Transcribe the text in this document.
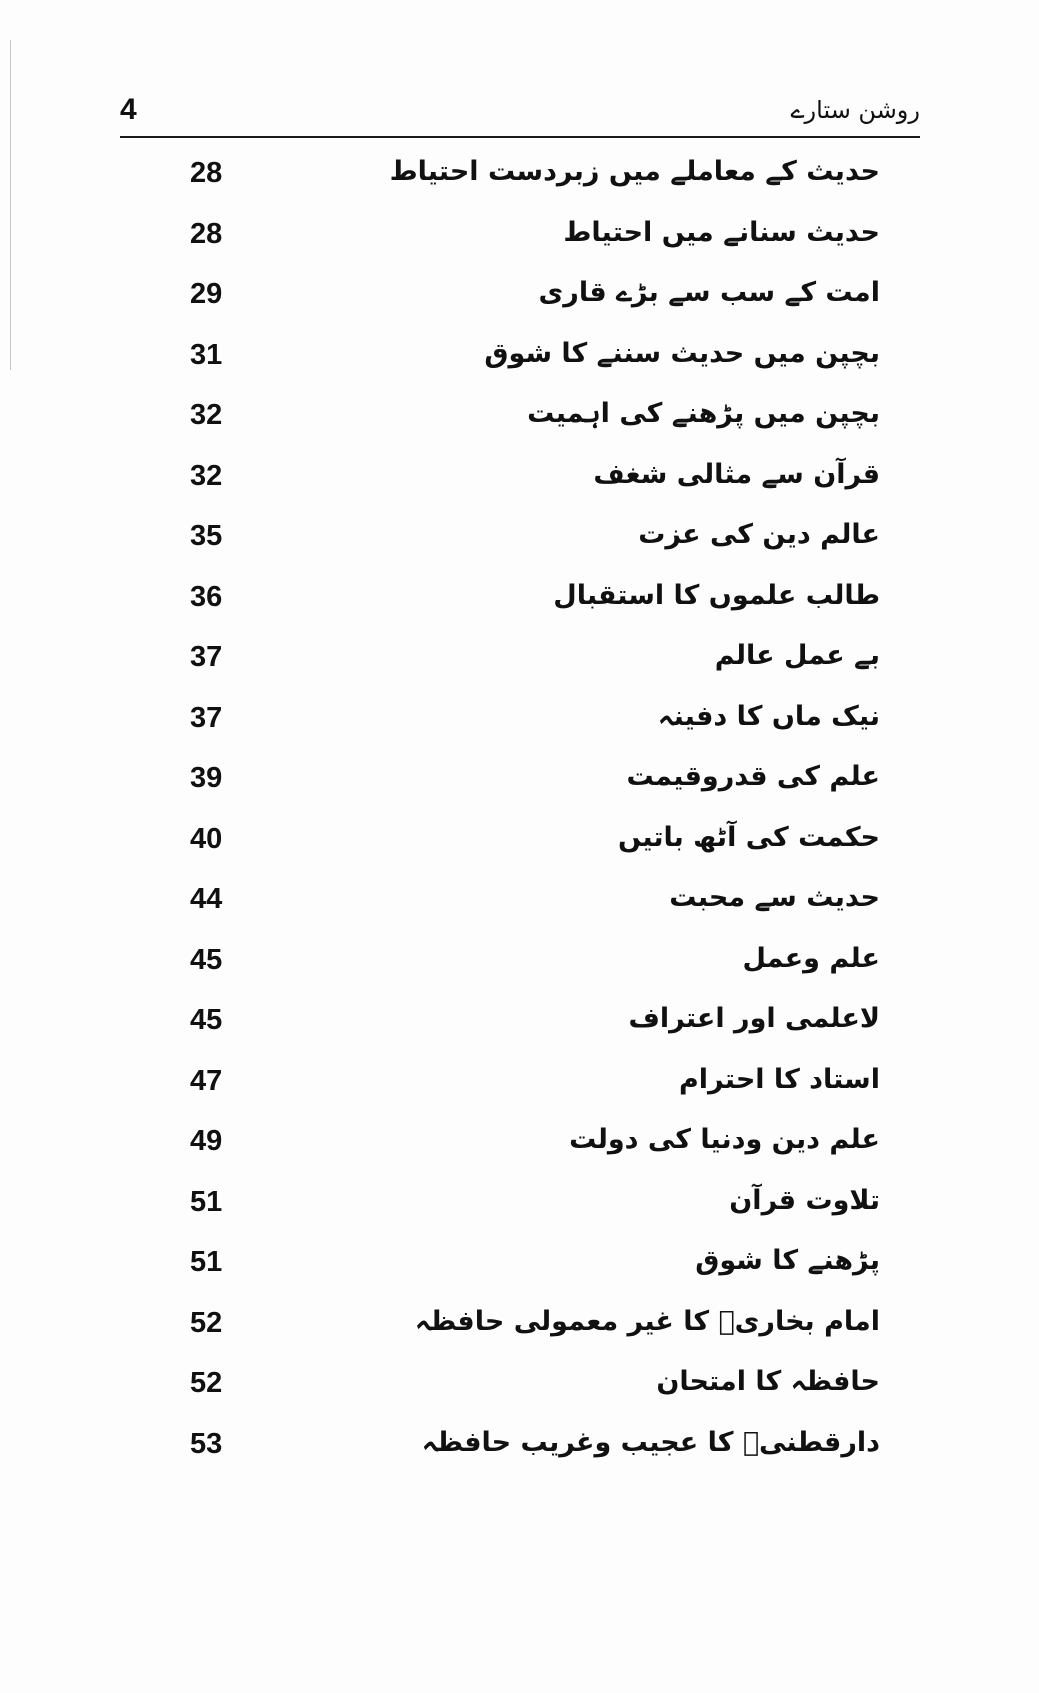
4	روشن ستارے
28	حدیث کے معاملے میں زبردست احتیاط
28	حدیث سنانے میں احتیاط
29	امت کے سب سے بڑے قاری
31	بچپن میں حدیث سننے کا شوق
32	بچپن میں پڑھنے کی اہمیت
32	قرآن سے مثالی شغف
35	عالم دین کی عزت
36	طالب علموں کا استقبال
37	بے عمل عالم
37	نیک ماں کا دفینہ
39	علم کی قدروقیمت
40	حکمت کی آٹھ باتیں
44	حدیث سے محبت
45	علم وعمل
45	لاعلمی اور اعتراف
47	استاد کا احترام
49	علم دین ودنیا کی دولت
51	تلاوت قرآن
51	پڑھنے کا شوق
52	امام بخاریؒ کا غیر معمولی حافظہ
52	حافظہ کا امتحان
53	دارقطنیؒ کا عجیب وغریب حافظہ
